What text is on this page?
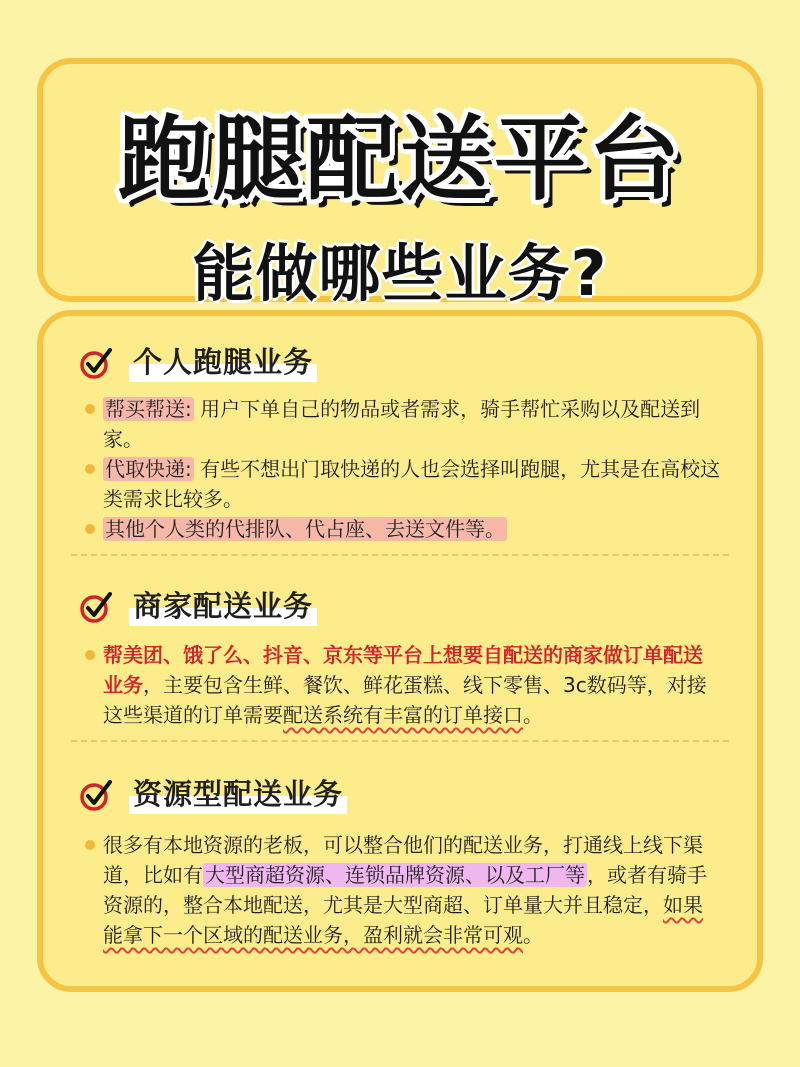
跑腿配送平台
能做哪些业务?
个人跑腿业务
帮买帮送: 用户下单自己的物品或者需求，骑手帮忙采购以及配送到家。
代取快递: 有些不想出门取快递的人也会选择叫跑腿，尤其是在高校这类需求比较多。
其他个人类的代排队、代占座、去送文件等。
商家配送业务
帮美团、饿了么、抖音、京东等平台上想要自配送的商家做订单配送业务，主要包含生鲜、餐饮、鲜花蛋糕、线下零售、3c数码等，对接这些渠道的订单需要配送系统有丰富的订单接口。
资源型配送业务
很多有本地资源的老板，可以整合他们的配送业务，打通线上线下渠道，比如有 大型商超资源、连锁品牌资源、以及工厂等 ，或者有骑手资源的，整合本地配送，尤其是大型商超、订单量大并且稳定，如果能拿下一个区域的配送业务，盈利就会非常可观。
